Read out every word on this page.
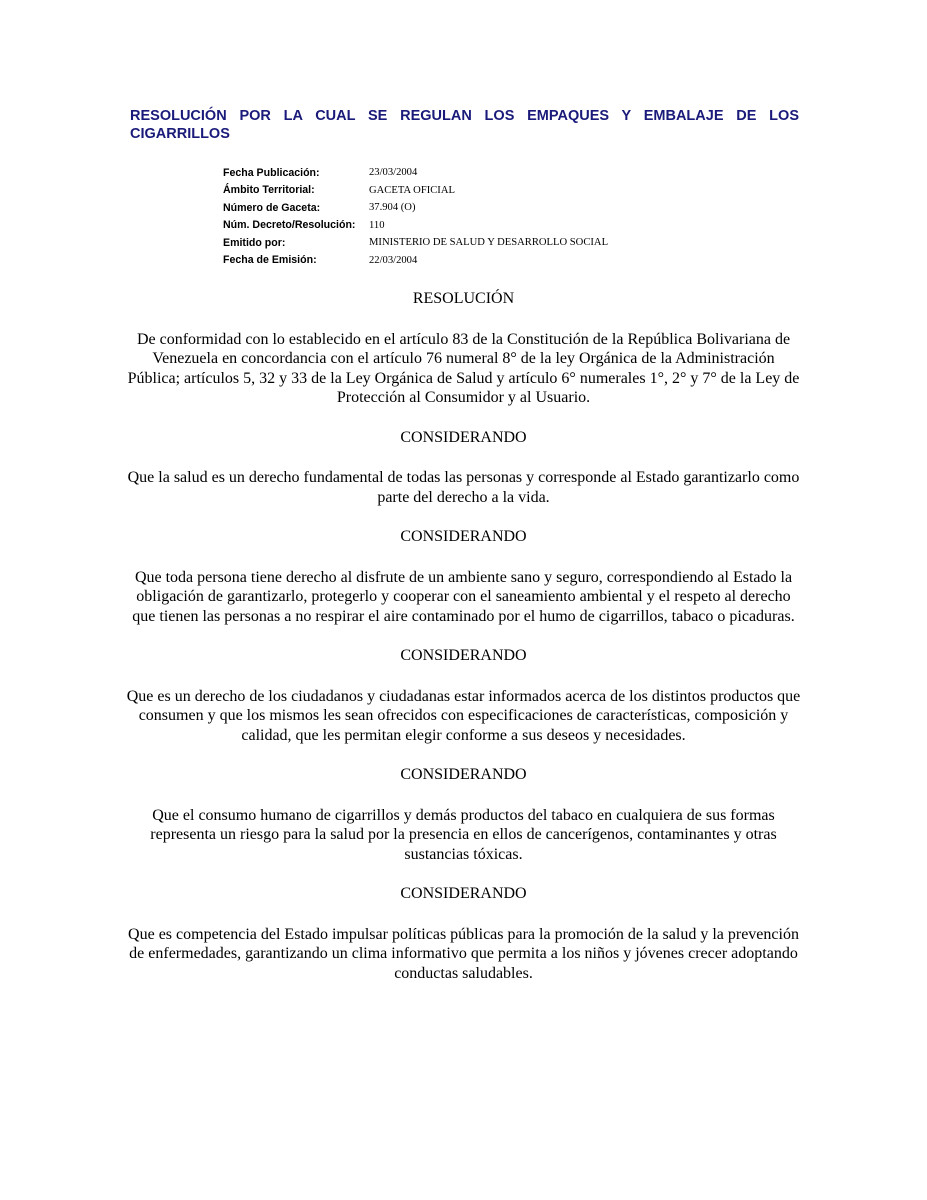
RESOLUCIÓN POR LA CUAL SE REGULAN LOS EMPAQUES Y EMBALAJE DE LOS CIGARRILLOS
Fecha Publicación:	23/03/2004
Ámbito Territorial:	GACETA OFICIAL
Número de Gaceta:	37.904 (O)
Núm. Decreto/Resolución:	110
Emitido por:	MINISTERIO DE SALUD Y DESARROLLO SOCIAL
Fecha de Emisión:	22/03/2004

RESOLUCIÓN

De conformidad con lo establecido en el artículo 83 de la Constitución de la República Bolivariana de Venezuela en concordancia con el artículo 76 numeral 8° de la ley Orgánica de la Administración Pública; artículos 5, 32 y 33 de la Ley Orgánica de Salud y artículo 6° numerales 1°, 2° y 7° de la Ley de Protección al Consumidor y al Usuario.

CONSIDERANDO

Que la salud es un derecho fundamental de todas las personas y corresponde al Estado garantizarlo como parte del derecho a la vida.

CONSIDERANDO

Que toda persona tiene derecho al disfrute de un ambiente sano y seguro, correspondiendo al Estado la obligación de garantizarlo, protegerlo y cooperar con el saneamiento ambiental y el respeto al derecho que tienen las personas a no respirar el aire contaminado por el humo de cigarrillos, tabaco o picaduras.

CONSIDERANDO

Que es un derecho de los ciudadanos y ciudadanas estar informados acerca de los distintos productos que consumen y que los mismos les sean ofrecidos con especificaciones de características, composición y calidad, que les permitan elegir conforme a sus deseos y necesidades.

CONSIDERANDO

Que el consumo humano de cigarrillos y demás productos del tabaco en cualquiera de sus formas representa un riesgo para la salud por la presencia en ellos de cancerígenos, contaminantes y otras sustancias tóxicas.

CONSIDERANDO

Que es competencia del Estado impulsar políticas públicas para la promoción de la salud y la prevención de enfermedades, garantizando un clima informativo que permita a los niños y jóvenes crecer adoptando conductas saludables.
